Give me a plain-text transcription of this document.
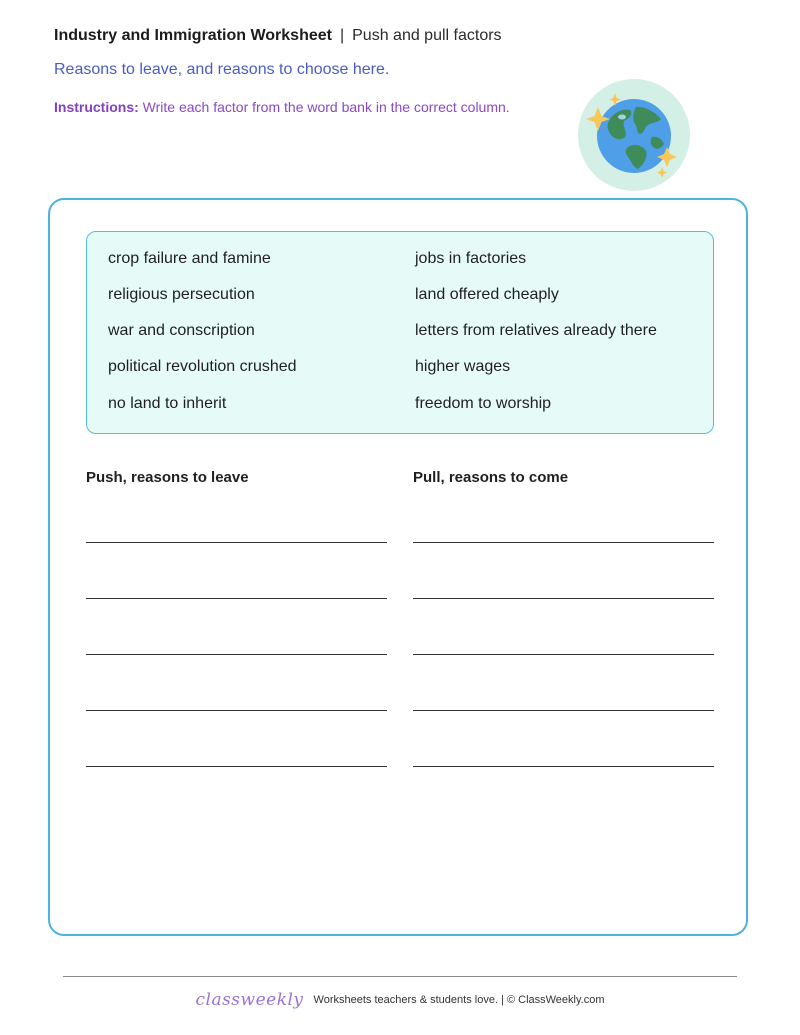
Industry and Immigration Worksheet | Push and pull factors
Reasons to leave, and reasons to choose here.
Instructions: Write each factor from the word bank in the correct column.
crop failure and famine
religious persecution
war and conscription
political revolution crushed
no land to inherit
jobs in factories
land offered cheaply
letters from relatives already there
higher wages
freedom to worship
Push, reasons to leave	Pull, reasons to come
classweekly Worksheets teachers & students love. | © ClassWeekly.com
